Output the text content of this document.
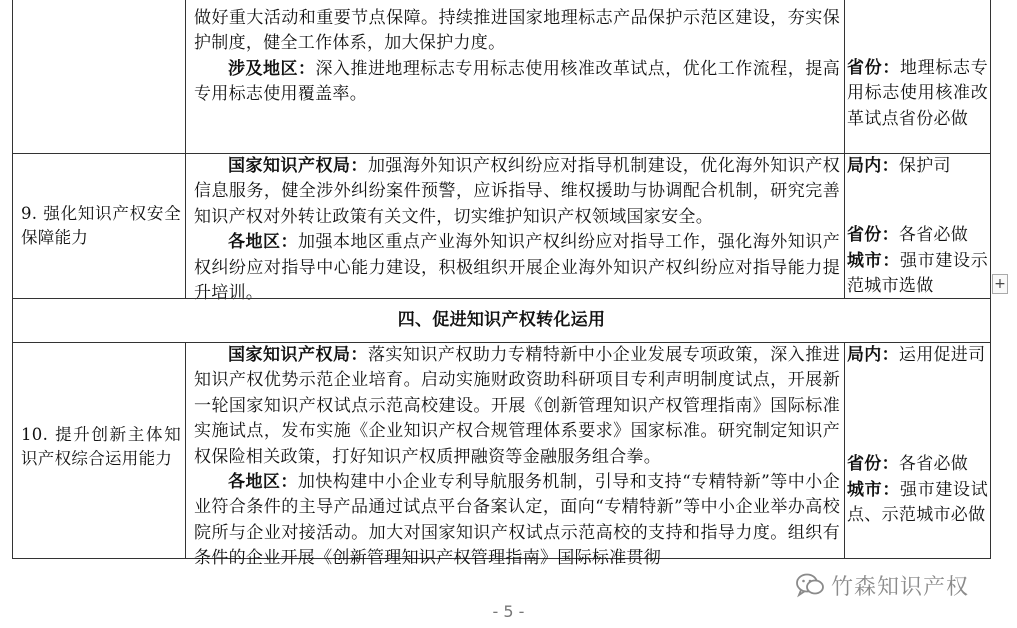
做好重大活动和重要节点保障。持续推进国家地理标志产品保护示范区建设，夯实保护制度，健全工作体系，加大保护力度。

涉及地区：深入推进地理标志专用标志使用核准改革试点，优化工作流程，提高专用标志使用覆盖率。

省份：地理标志专用标志使用核准改革试点省份必做

9. 强化知识产权安全保障能力

国家知识产权局：加强海外知识产权纠纷应对指导机制建设，优化海外知识产权信息服务，健全涉外纠纷案件预警，应诉指导、维权援助与协调配合机制，研究完善知识产权对外转让政策有关文件，切实维护知识产权领域国家安全。

各地区：加强本地区重点产业海外知识产权纠纷应对指导工作，强化海外知识产权纠纷应对指导中心能力建设，积极组织开展企业海外知识产权纠纷应对指导能力提升培训。

局内：保护司

省份：各省必做

城市：强市建设示范城市选做

四、促进知识产权转化运用

10. 提升创新主体知识产权综合运用能力

国家知识产权局：落实知识产权助力专精特新中小企业发展专项政策，深入推进知识产权优势示范企业培育。启动实施财政资助科研项目专利声明制度试点，开展新一轮国家知识产权试点示范高校建设。开展《创新管理知识产权管理指南》国际标准实施试点，发布实施《企业知识产权合规管理体系要求》国家标准。研究制定知识产权保险相关政策，打好知识产权质押融资等金融服务组合拳。

各地区：加快构建中小企业专利导航服务机制，引导和支持“专精特新”等中小企业符合条件的主导产品通过试点平台备案认定，面向“专精特新”等中小企业举办高校院所与企业对接活动。加大对国家知识产权试点示范高校的支持和指导力度。组织有条件的企业开展《创新管理知识产权管理指南》国际标准贯彻

局内：运用促进司

省份：各省必做

城市：强市建设试点、示范城市必做

+
竹森知识产权
- 5 -
